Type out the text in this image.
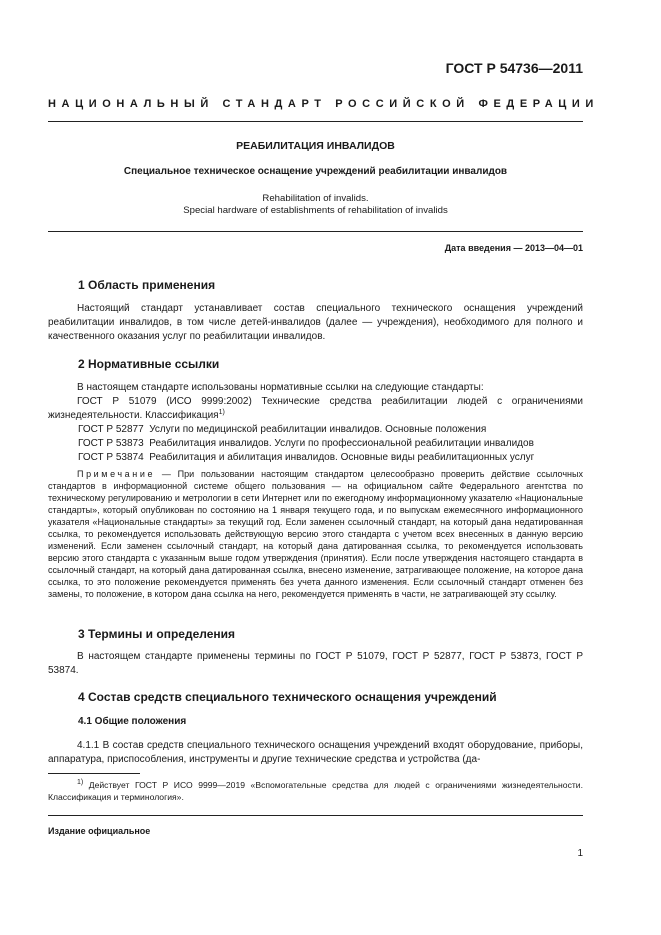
ГОСТ Р 54736—2011
НАЦИОНАЛЬНЫЙ СТАНДАРТ РОССИЙСКОЙ ФЕДЕРАЦИИ
РЕАБИЛИТАЦИЯ ИНВАЛИДОВ
Специальное техническое оснащение учреждений реабилитации инвалидов
Rehabilitation of invalids.
Special hardware of establishments of rehabilitation of invalids
Дата введения — 2013—04—01
1 Область применения
Настоящий стандарт устанавливает состав специального технического оснащения учреждений реабилитации инвалидов, в том числе детей-инвалидов (далее — учреждения), необходимого для полного и качественного оказания услуг по реабилитации инвалидов.
2 Нормативные ссылки
В настоящем стандарте использованы нормативные ссылки на следующие стандарты:
ГОСТ Р 51079 (ИСО 9999:2002) Технические средства реабилитации людей с ограничениями жизнедеятельности. Классификация$^{1)}$
ГОСТ Р 52877 Услуги по медицинской реабилитации инвалидов. Основные положения
ГОСТ Р 53873 Реабилитация инвалидов. Услуги по профессиональной реабилитации инвалидов
ГОСТ Р 53874 Реабилитация и абилитация инвалидов. Основные виды реабилитационных услуг
Примечание — При пользовании настоящим стандартом целесообразно проверить действие ссылочных стандартов в информационной системе общего пользования — на официальном сайте Федерального агентства по техническому регулированию и метрологии в сети Интернет или по ежегодному информационному указателю «Национальные стандарты», который опубликован по состоянию на 1 января текущего года, и по выпускам ежемесячного информационного указателя «Национальные стандарты» за текущий год. Если заменен ссылочный стандарт, на который дана недатированная ссылка, то рекомендуется использовать действующую версию этого стандарта с учетом всех внесенных в данную версию изменений. Если заменен ссылочный стандарт, на который дана датированная ссылка, то рекомендуется использовать версию этого стандарта с указанным выше годом утверждения (принятия). Если после утверждения настоящего стандарта в ссылочный стандарт, на который дана датированная ссылка, внесено изменение, затрагивающее положение, на которое дана ссылка, то это положение рекомендуется применять без учета данного изменения. Если ссылочный стандарт отменен без замены, то положение, в котором дана ссылка на него, рекомендуется применять в части, не затрагивающей эту ссылку.
3 Термины и определения
В настоящем стандарте применены термины по ГОСТ Р 51079, ГОСТ Р 52877, ГОСТ Р 53873, ГОСТ Р 53874.
4 Состав средств специального технического оснащения учреждений
4.1 Общие положения
4.1.1 В состав средств специального технического оснащения учреждений входят оборудование, приборы, аппаратура, приспособления, инструменты и другие технические средства и устройства (да-
$^{1)}$ Действует ГОСТ Р ИСО 9999—2019 «Вспомогательные средства для людей с ограничениями жизнедеятельности. Классификация и терминология».
Издание официальное
1
